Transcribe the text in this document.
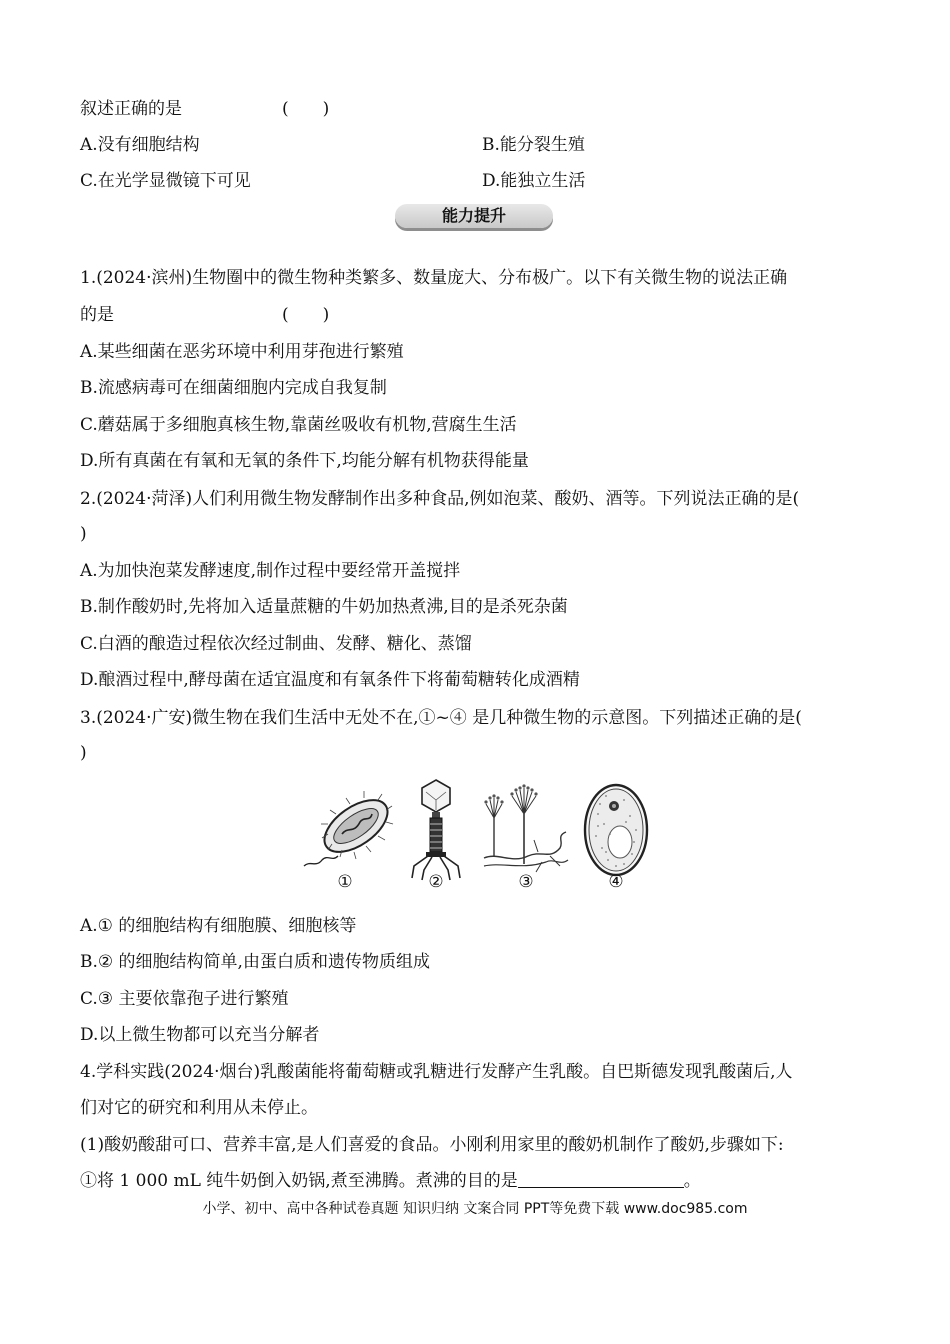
叙述正确的是	(　　)
A.没有细胞结构	B.能分裂生殖
C.在光学显微镜下可见	D.能独立生活
能力提升
1.(2024·滨州)生物圈中的微生物种类繁多、数量庞大、分布极广。以下有关微生物的说法正确
的是	(　　)
A.某些细菌在恶劣环境中利用芽孢进行繁殖
B.流感病毒可在细菌细胞内完成自我复制
C.蘑菇属于多细胞真核生物,靠菌丝吸收有机物,营腐生生活
D.所有真菌在有氧和无氧的条件下,均能分解有机物获得能量
2.(2024·菏泽)人们利用微生物发酵制作出多种食品,例如泡菜、酸奶、酒等。下列说法正确的是(
)
A.为加快泡菜发酵速度,制作过程中要经常开盖搅拌
B.制作酸奶时,先将加入适量蔗糖的牛奶加热煮沸,目的是杀死杂菌
C.白酒的酿造过程依次经过制曲、发酵、糖化、蒸馏
D.酿酒过程中,酵母菌在适宜温度和有氧条件下将葡萄糖转化成酒精
3.(2024·广安)微生物在我们生活中无处不在,①~④ 是几种微生物的示意图。下列描述正确的是(
)
①	②	③	④
A.① 的细胞结构有细胞膜、细胞核等
B.② 的细胞结构简单,由蛋白质和遗传物质组成
C.③ 主要依靠孢子进行繁殖
D.以上微生物都可以充当分解者
4.学科实践(2024·烟台)乳酸菌能将葡萄糖或乳糖进行发酵产生乳酸。自巴斯德发现乳酸菌后,人
们对它的研究和利用从未停止。
(1)酸奶酸甜可口、营养丰富,是人们喜爱的食品。小刚利用家里的酸奶机制作了酸奶,步骤如下:
①将 1 000 mL 纯牛奶倒入奶锅,煮至沸腾。煮沸的目的是	。
小学、初中、高中各种试卷真题 知识归纳 文案合同 PPT等免费下载 www.doc985.com
